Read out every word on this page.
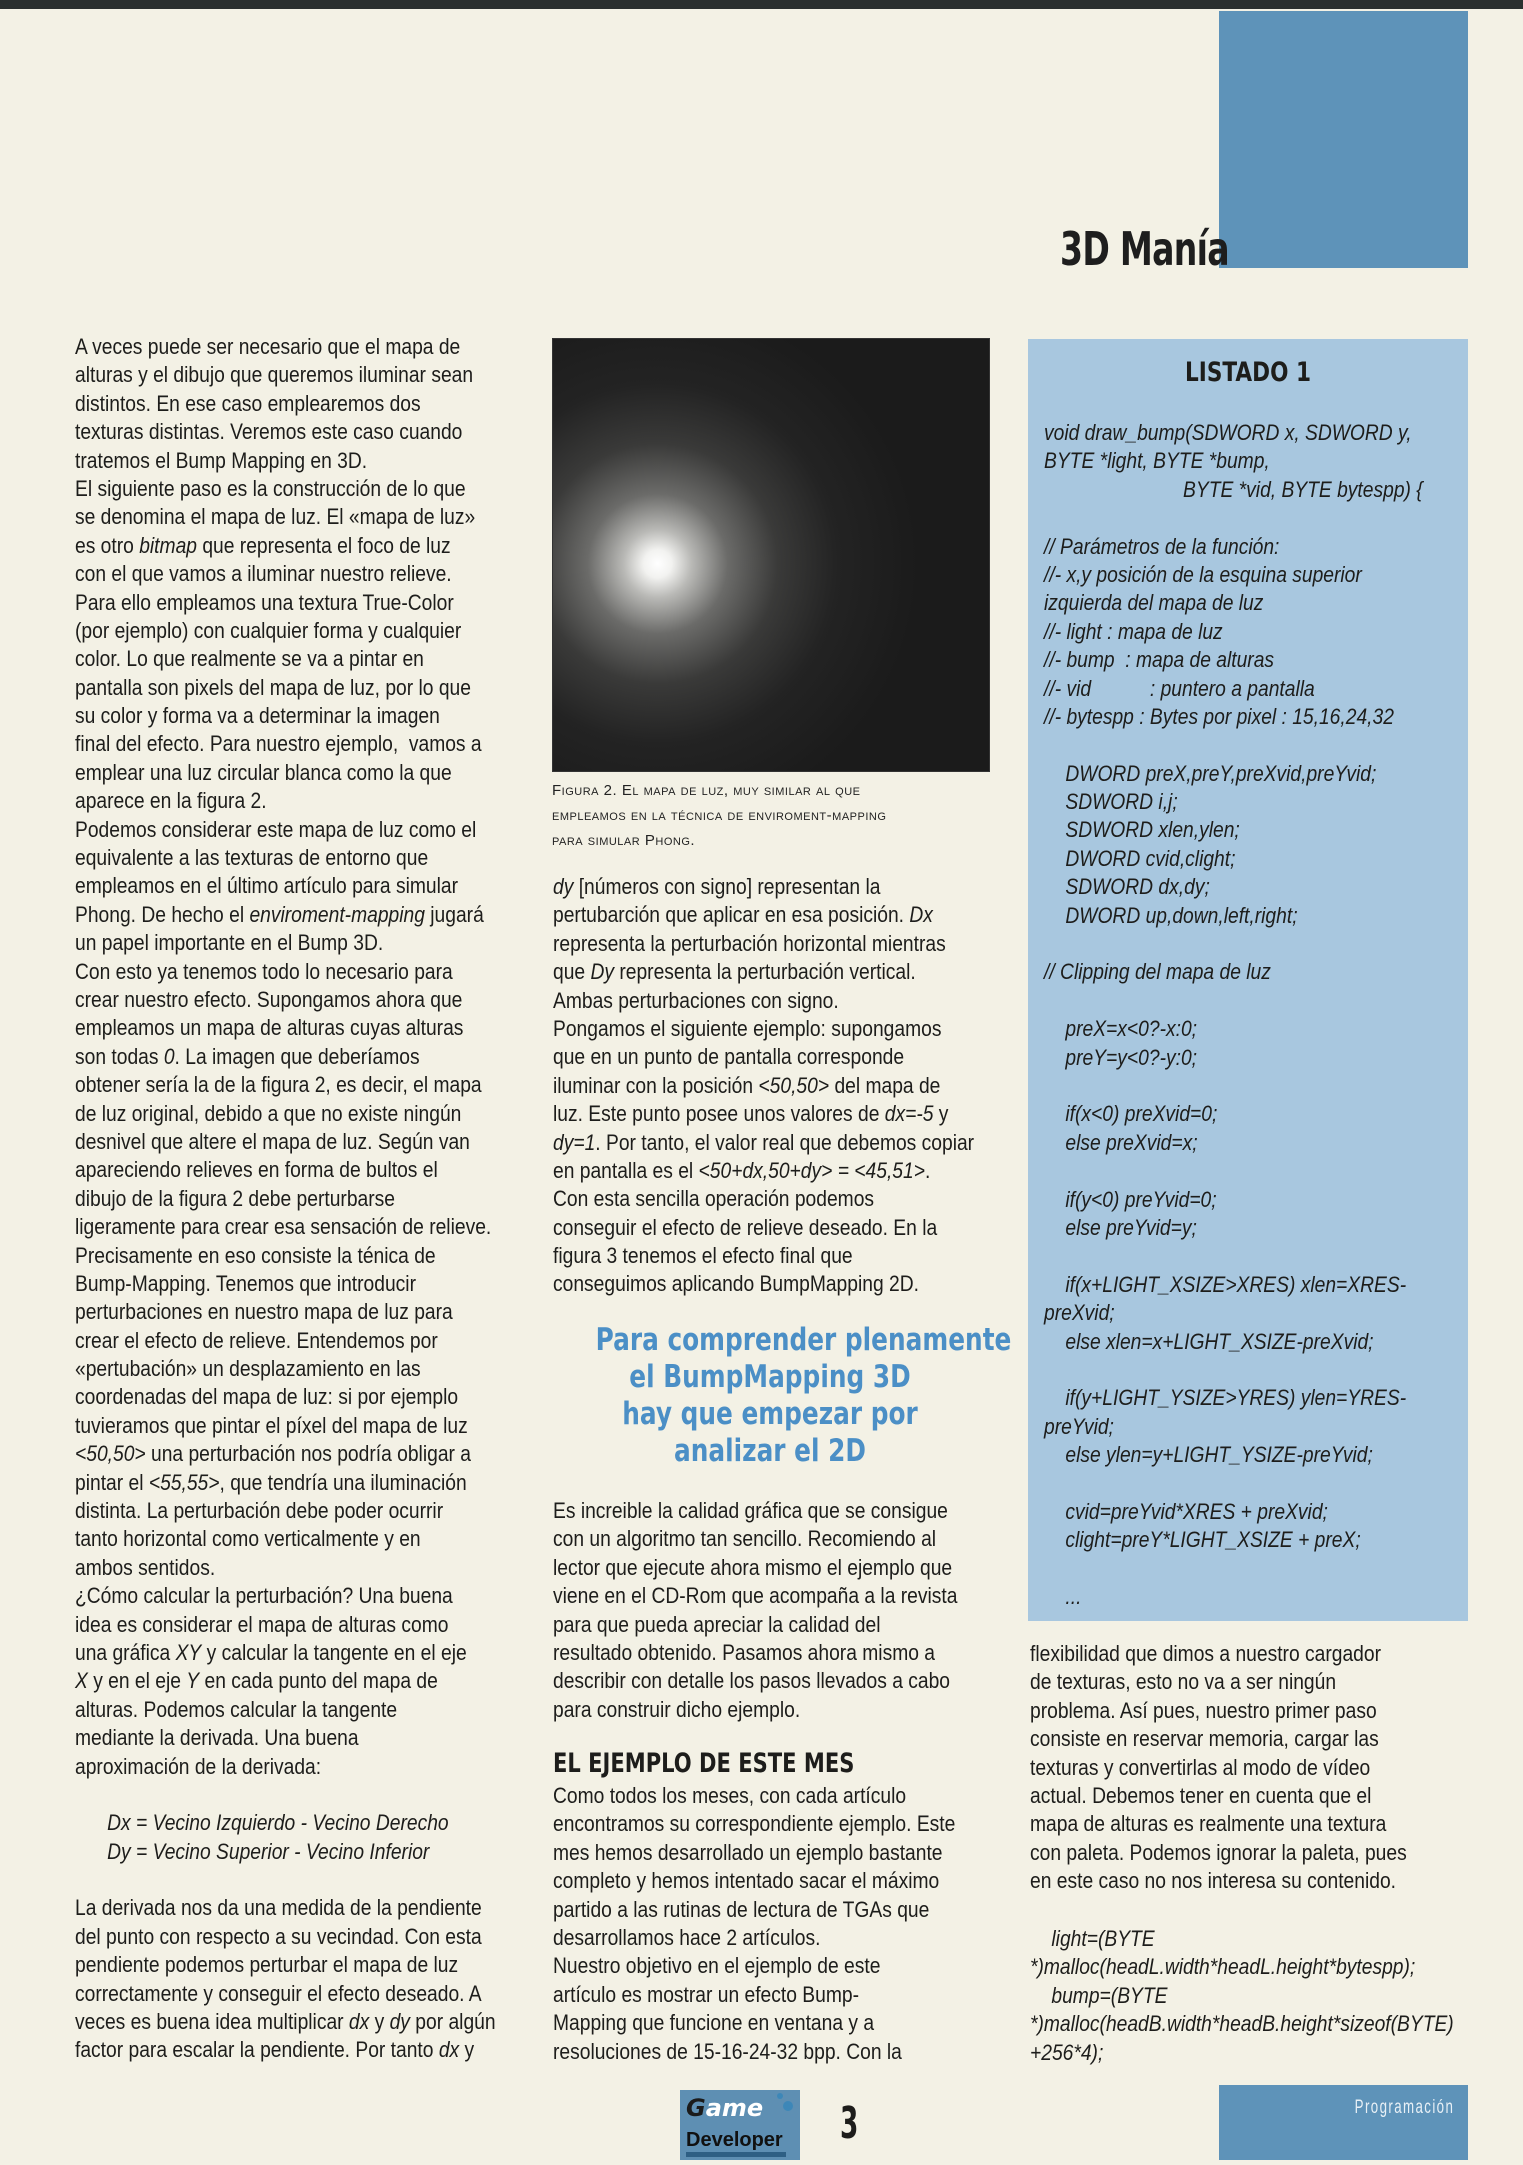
3D Manía
A veces puede ser necesario que el mapa de
alturas y el dibujo que queremos iluminar sean
distintos. En ese caso emplearemos dos
texturas distintas. Veremos este caso cuando
tratemos el Bump Mapping en 3D.
El siguiente paso es la construcción de lo que
se denomina el mapa de luz. El «mapa de luz»
es otro bitmap que representa el foco de luz
con el que vamos a iluminar nuestro relieve.
Para ello empleamos una textura True-Color
(por ejemplo) con cualquier forma y cualquier
color. Lo que realmente se va a pintar en
pantalla son pixels del mapa de luz, por lo que
su color y forma va a determinar la imagen
final del efecto. Para nuestro ejemplo,  vamos a
emplear una luz circular blanca como la que
aparece en la figura 2.
Podemos considerar este mapa de luz como el
equivalente a las texturas de entorno que
empleamos en el último artículo para simular
Phong. De hecho el enviroment-mapping jugará
un papel importante en el Bump 3D.
Con esto ya tenemos todo lo necesario para
crear nuestro efecto. Supongamos ahora que
empleamos un mapa de alturas cuyas alturas
son todas 0. La imagen que deberíamos
obtener sería la de la figura 2, es decir, el mapa
de luz original, debido a que no existe ningún
desnivel que altere el mapa de luz. Según van
apareciendo relieves en forma de bultos el
dibujo de la figura 2 debe perturbarse
ligeramente para crear esa sensación de relieve.
Precisamente en eso consiste la ténica de
Bump-Mapping. Tenemos que introducir
perturbaciones en nuestro mapa de luz para
crear el efecto de relieve. Entendemos por
«pertubación» un desplazamiento en las
coordenadas del mapa de luz: si por ejemplo
tuvieramos que pintar el píxel del mapa de luz
<50,50> una perturbación nos podría obligar a
pintar el <55,55>, que tendría una iluminación
distinta. La perturbación debe poder ocurrir
tanto horizontal como verticalmente y en
ambos sentidos.
¿Cómo calcular la perturbación? Una buena
idea es considerar el mapa de alturas como
una gráfica XY y calcular la tangente en el eje
X y en el eje Y en cada punto del mapa de
alturas. Podemos calcular la tangente
mediante la derivada. Una buena
aproximación de la derivada:
Dx = Vecino Izquierdo - Vecino Derecho
Dy = Vecino Superior - Vecino Inferior
La derivada nos da una medida de la pendiente
del punto con respecto a su vecindad. Con esta
pendiente podemos perturbar el mapa de luz
correctamente y conseguir el efecto deseado. A
veces es buena idea multiplicar dx y dy por algún
factor para escalar la pendiente. Por tanto dx y
Figura 2. El mapa de luz, muy similar al que
empleamos en la técnica de enviroment-mapping
para simular Phong.
dy [números con signo] representan la
pertubarción que aplicar en esa posición. Dx
representa la perturbación horizontal mientras
que Dy representa la perturbación vertical.
Ambas perturbaciones con signo.
Pongamos el siguiente ejemplo: supongamos
que en un punto de pantalla corresponde
iluminar con la posición <50,50> del mapa de
luz. Este punto posee unos valores de dx=-5 y
dy=1. Por tanto, el valor real que debemos copiar
en pantalla es el <50+dx,50+dy> = <45,51>.
Con esta sencilla operación podemos
conseguir el efecto de relieve deseado. En la
figura 3 tenemos el efecto final que
conseguimos aplicando BumpMapping 2D.
Para comprender plenamente
el BumpMapping 3D
hay que empezar por
analizar el 2D
Es increible la calidad gráfica que se consigue
con un algoritmo tan sencillo. Recomiendo al
lector que ejecute ahora mismo el ejemplo que
viene en el CD-Rom que acompaña a la revista
para que pueda apreciar la calidad del
resultado obtenido. Pasamos ahora mismo a
describir con detalle los pasos llevados a cabo
para construir dicho ejemplo.
EL EJEMPLO DE ESTE MES
Como todos los meses, con cada artículo
encontramos su correspondiente ejemplo. Este
mes hemos desarrollado un ejemplo bastante
completo y hemos intentado sacar el máximo
partido a las rutinas de lectura de TGAs que
desarrollamos hace 2 artículos.
Nuestro objetivo en el ejemplo de este
artículo es mostrar un efecto Bump-
Mapping que funcione en ventana y a
resoluciones de 15-16-24-32 bpp. Con la
LISTADO 1
void draw_bump(SDWORD x, SDWORD y,
BYTE *light, BYTE *bump,
BYTE *vid, BYTE bytespp) {
// Parámetros de la función:
//- x,y posición de la esquina superior
izquierda del mapa de luz
//- light : mapa de luz
//- bump  : mapa de alturas
//- vid           : puntero a pantalla
//- bytespp : Bytes por pixel : 15,16,24,32
DWORD preX,preY,preXvid,preYvid;
SDWORD i,j;
SDWORD xlen,ylen;
DWORD cvid,clight;
SDWORD dx,dy;
DWORD up,down,left,right;
// Clipping del mapa de luz
preX=x<0?-x:0;
preY=y<0?-y:0;
if(x<0) preXvid=0;
else preXvid=x;
if(y<0) preYvid=0;
else preYvid=y;
if(x+LIGHT_XSIZE>XRES) xlen=XRES-
preXvid;
else xlen=x+LIGHT_XSIZE-preXvid;
if(y+LIGHT_YSIZE>YRES) ylen=YRES-
preYvid;
else ylen=y+LIGHT_YSIZE-preYvid;
cvid=preYvid*XRES + preXvid;
clight=preY*LIGHT_XSIZE + preX;
...
flexibilidad que dimos a nuestro cargador
de texturas, esto no va a ser ningún
problema. Así pues, nuestro primer paso
consiste en reservar memoria, cargar las
texturas y convertirlas al modo de vídeo
actual. Debemos tener en cuenta que el
mapa de alturas es realmente una textura
con paleta. Podemos ignorar la paleta, pues
en este caso no nos interesa su contenido.
light=(BYTE
*)malloc(headL.width*headL.height*bytespp);
bump=(BYTE
*)malloc(headB.width*headB.height*sizeof(BYTE)
+256*4);
Game
Developer 3	Programación
